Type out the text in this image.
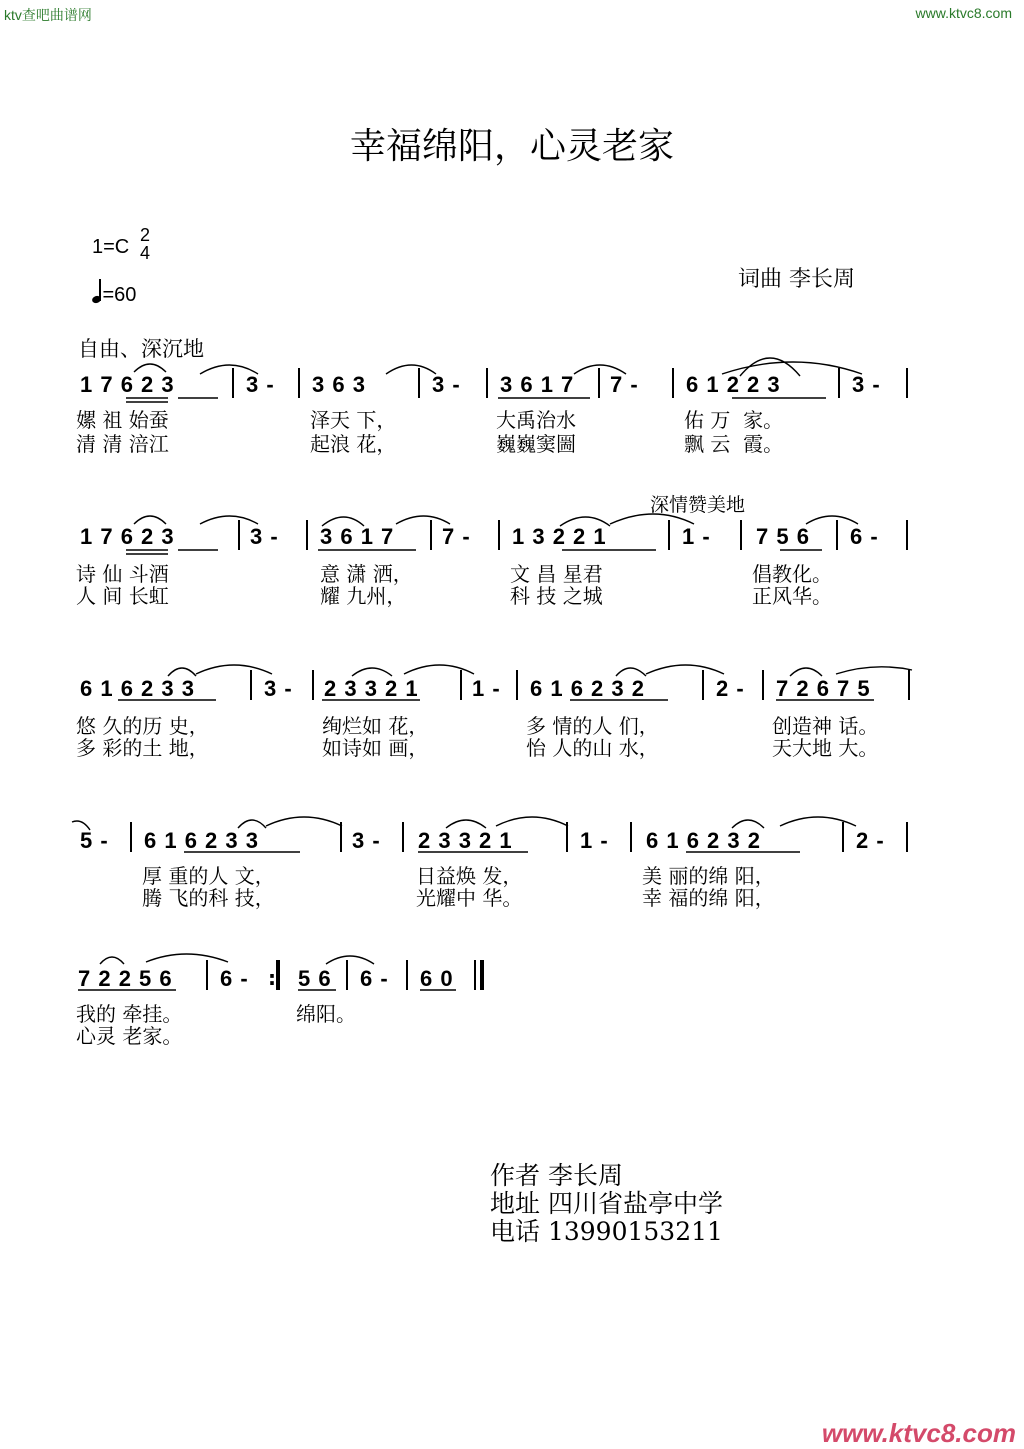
ktv查吧曲谱网	www.ktvc8.com
幸福绵阳，心灵老家
1=C
2
4
=60
词曲 李长周
自由、深沉地
深情赞美地
1 7 6 2 3	3 - 3 6 3	3 - 3 6 1 7 7 - 6 1 2 2 3	3 -
嫘 祖 始蚕	泽天 下，	大禹治水	佑 万  家。
清 清 涪江	起浪 花，	巍巍窦圌	飘 云  霞。
1 7 6 2 3	3 - 3 6 1 7 7 - 1 3 2 2 1	1 - 7 5 6 6 -
诗 仙 斗酒	意 潇 洒，	文 昌 星君	倡教化。
人 间 长虹	耀 九州，	科 技 之城	正风华。
6 1 6 2 3 3	3 - 2 3 3 2 1 1 - 6 1 6 2 3 2	2 - 7 2 6 7 5
悠 久的历 史，	绚烂如 花，	多 情的人 们，	创造神 话。
多 彩的土 地，	如诗如 画，	怡 人的山 水，	天大地 大。
5 - 6 1 6 2 3 3	3 - 2 3 3 2 1	1 - 6 1 6 2 3 2	2 -
厚 重的人 文，	日益焕 发，	美 丽的绵 阳，
腾 飞的科 技，	光耀中 华。	幸 福的绵 阳，
7 2 2 5 6 6 - : 5 6 6 - 6 0
我的 牵挂。	绵阳。
心灵 老家。
作者 李长周
地址 四川省盐亭中学
电话 13990153211
www.ktvc8.com
